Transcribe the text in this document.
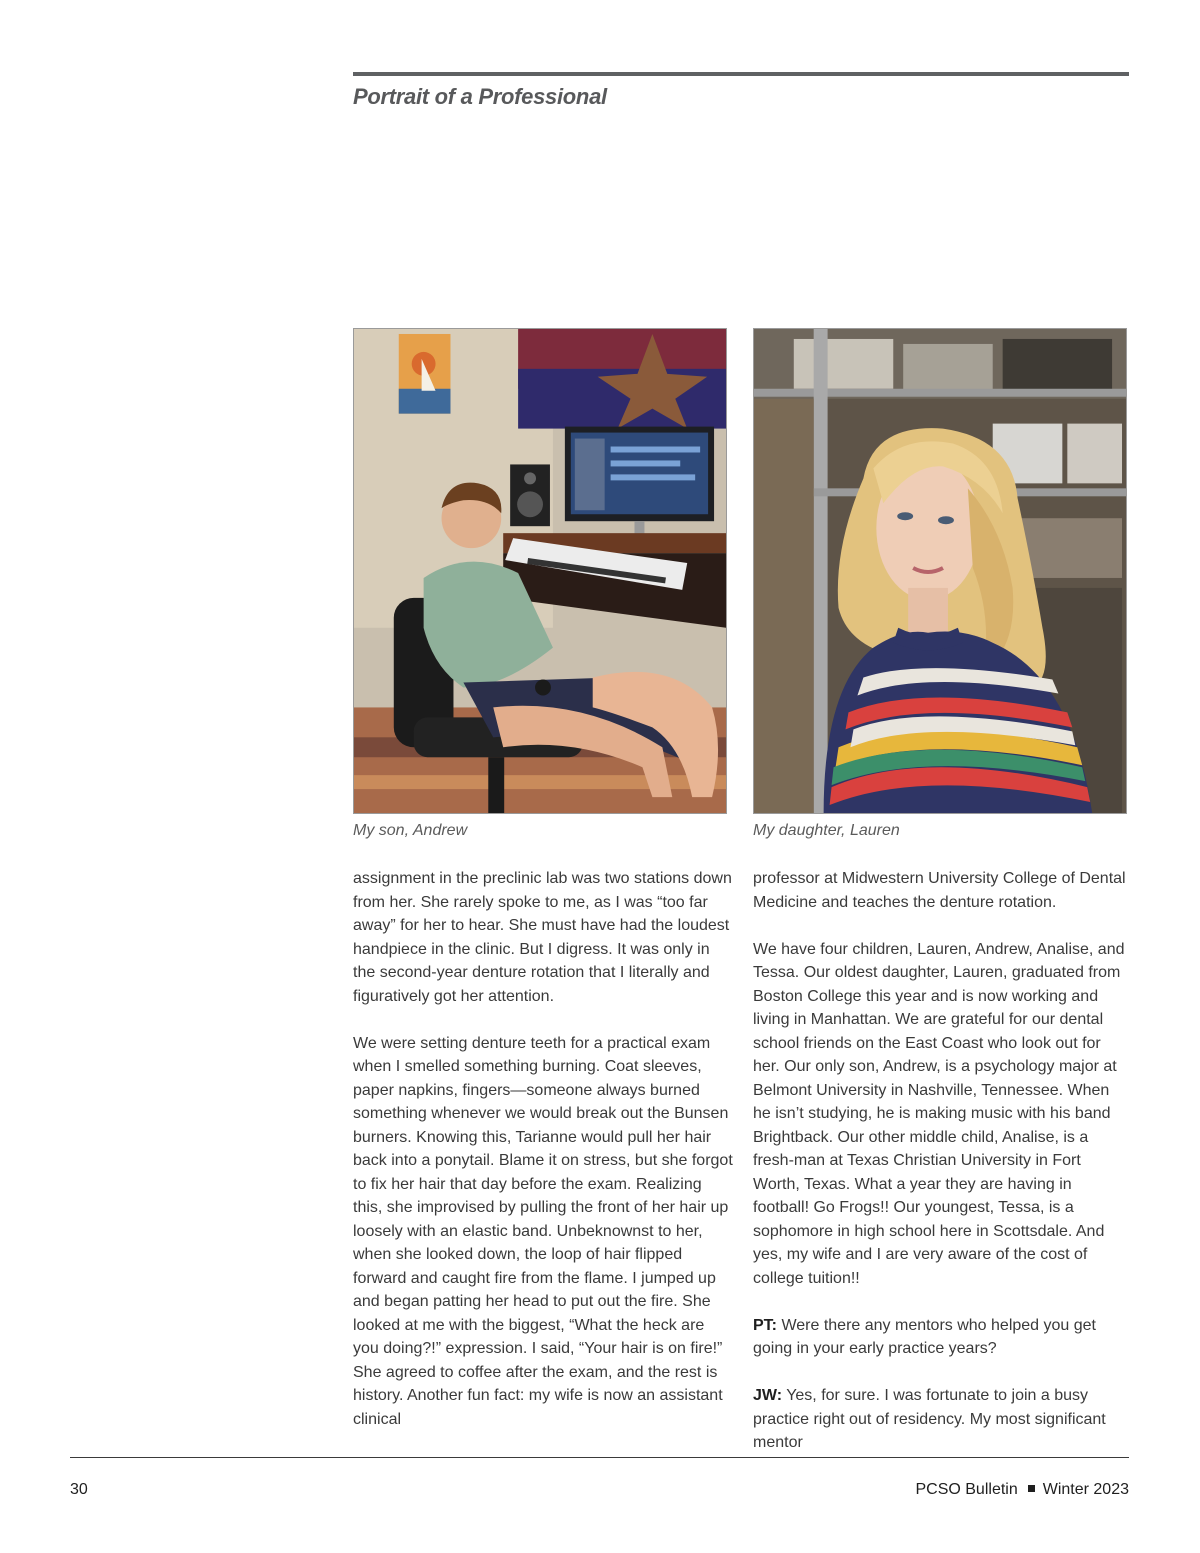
Portrait of a Professional
My son, Andrew	My daughter, Lauren

assignment in the preclinic lab was two stations down from her. She rarely spoke to me, as I was “too far away” for her to hear. She must have had the loudest handpiece in the clinic. But I digress. It was only in the second-year denture rotation that I literally and figuratively got her attention.

We were setting denture teeth for a practical exam when I smelled something burning. Coat sleeves, paper napkins, fingers—someone always burned something whenever we would break out the Bunsen burners. Knowing this, Tarianne would pull her hair back into a ponytail. Blame it on stress, but she forgot to fix her hair that day before the exam. Realizing this, she improvised by pulling the front of her hair up loosely with an elastic band. Unbeknownst to her, when she looked down, the loop of hair flipped forward and caught fire from the flame. I jumped up and began patting her head to put out the fire. She looked at me with the biggest, “What the heck are you doing?!” expression. I said, “Your hair is on fire!” She agreed to coffee after the exam, and the rest is history. Another fun fact: my wife is now an assistant clinical

professor at Midwestern University College of Dental Medicine and teaches the denture rotation.

We have four children, Lauren, Andrew, Analise, and Tessa. Our oldest daughter, Lauren, graduated from Boston College this year and is now working and living in Manhattan. We are grateful for our dental school friends on the East Coast who look out for her. Our only son, Andrew, is a psychology major at Belmont University in Nashville, Tennessee. When he isn’t studying, he is making music with his band Brightback. Our other middle child, Analise, is a fresh-man at Texas Christian University in Fort Worth, Texas. What a year they are having in football! Go Frogs!! Our youngest, Tessa, is a sophomore in high school here in Scottsdale. And yes, my wife and I are very aware of the cost of college tuition!!

PT: Were there any mentors who helped you get going in your early practice years?

JW: Yes, for sure. I was fortunate to join a busy practice right out of residency. My most significant mentor

30	PCSO Bulletin Winter 2023
